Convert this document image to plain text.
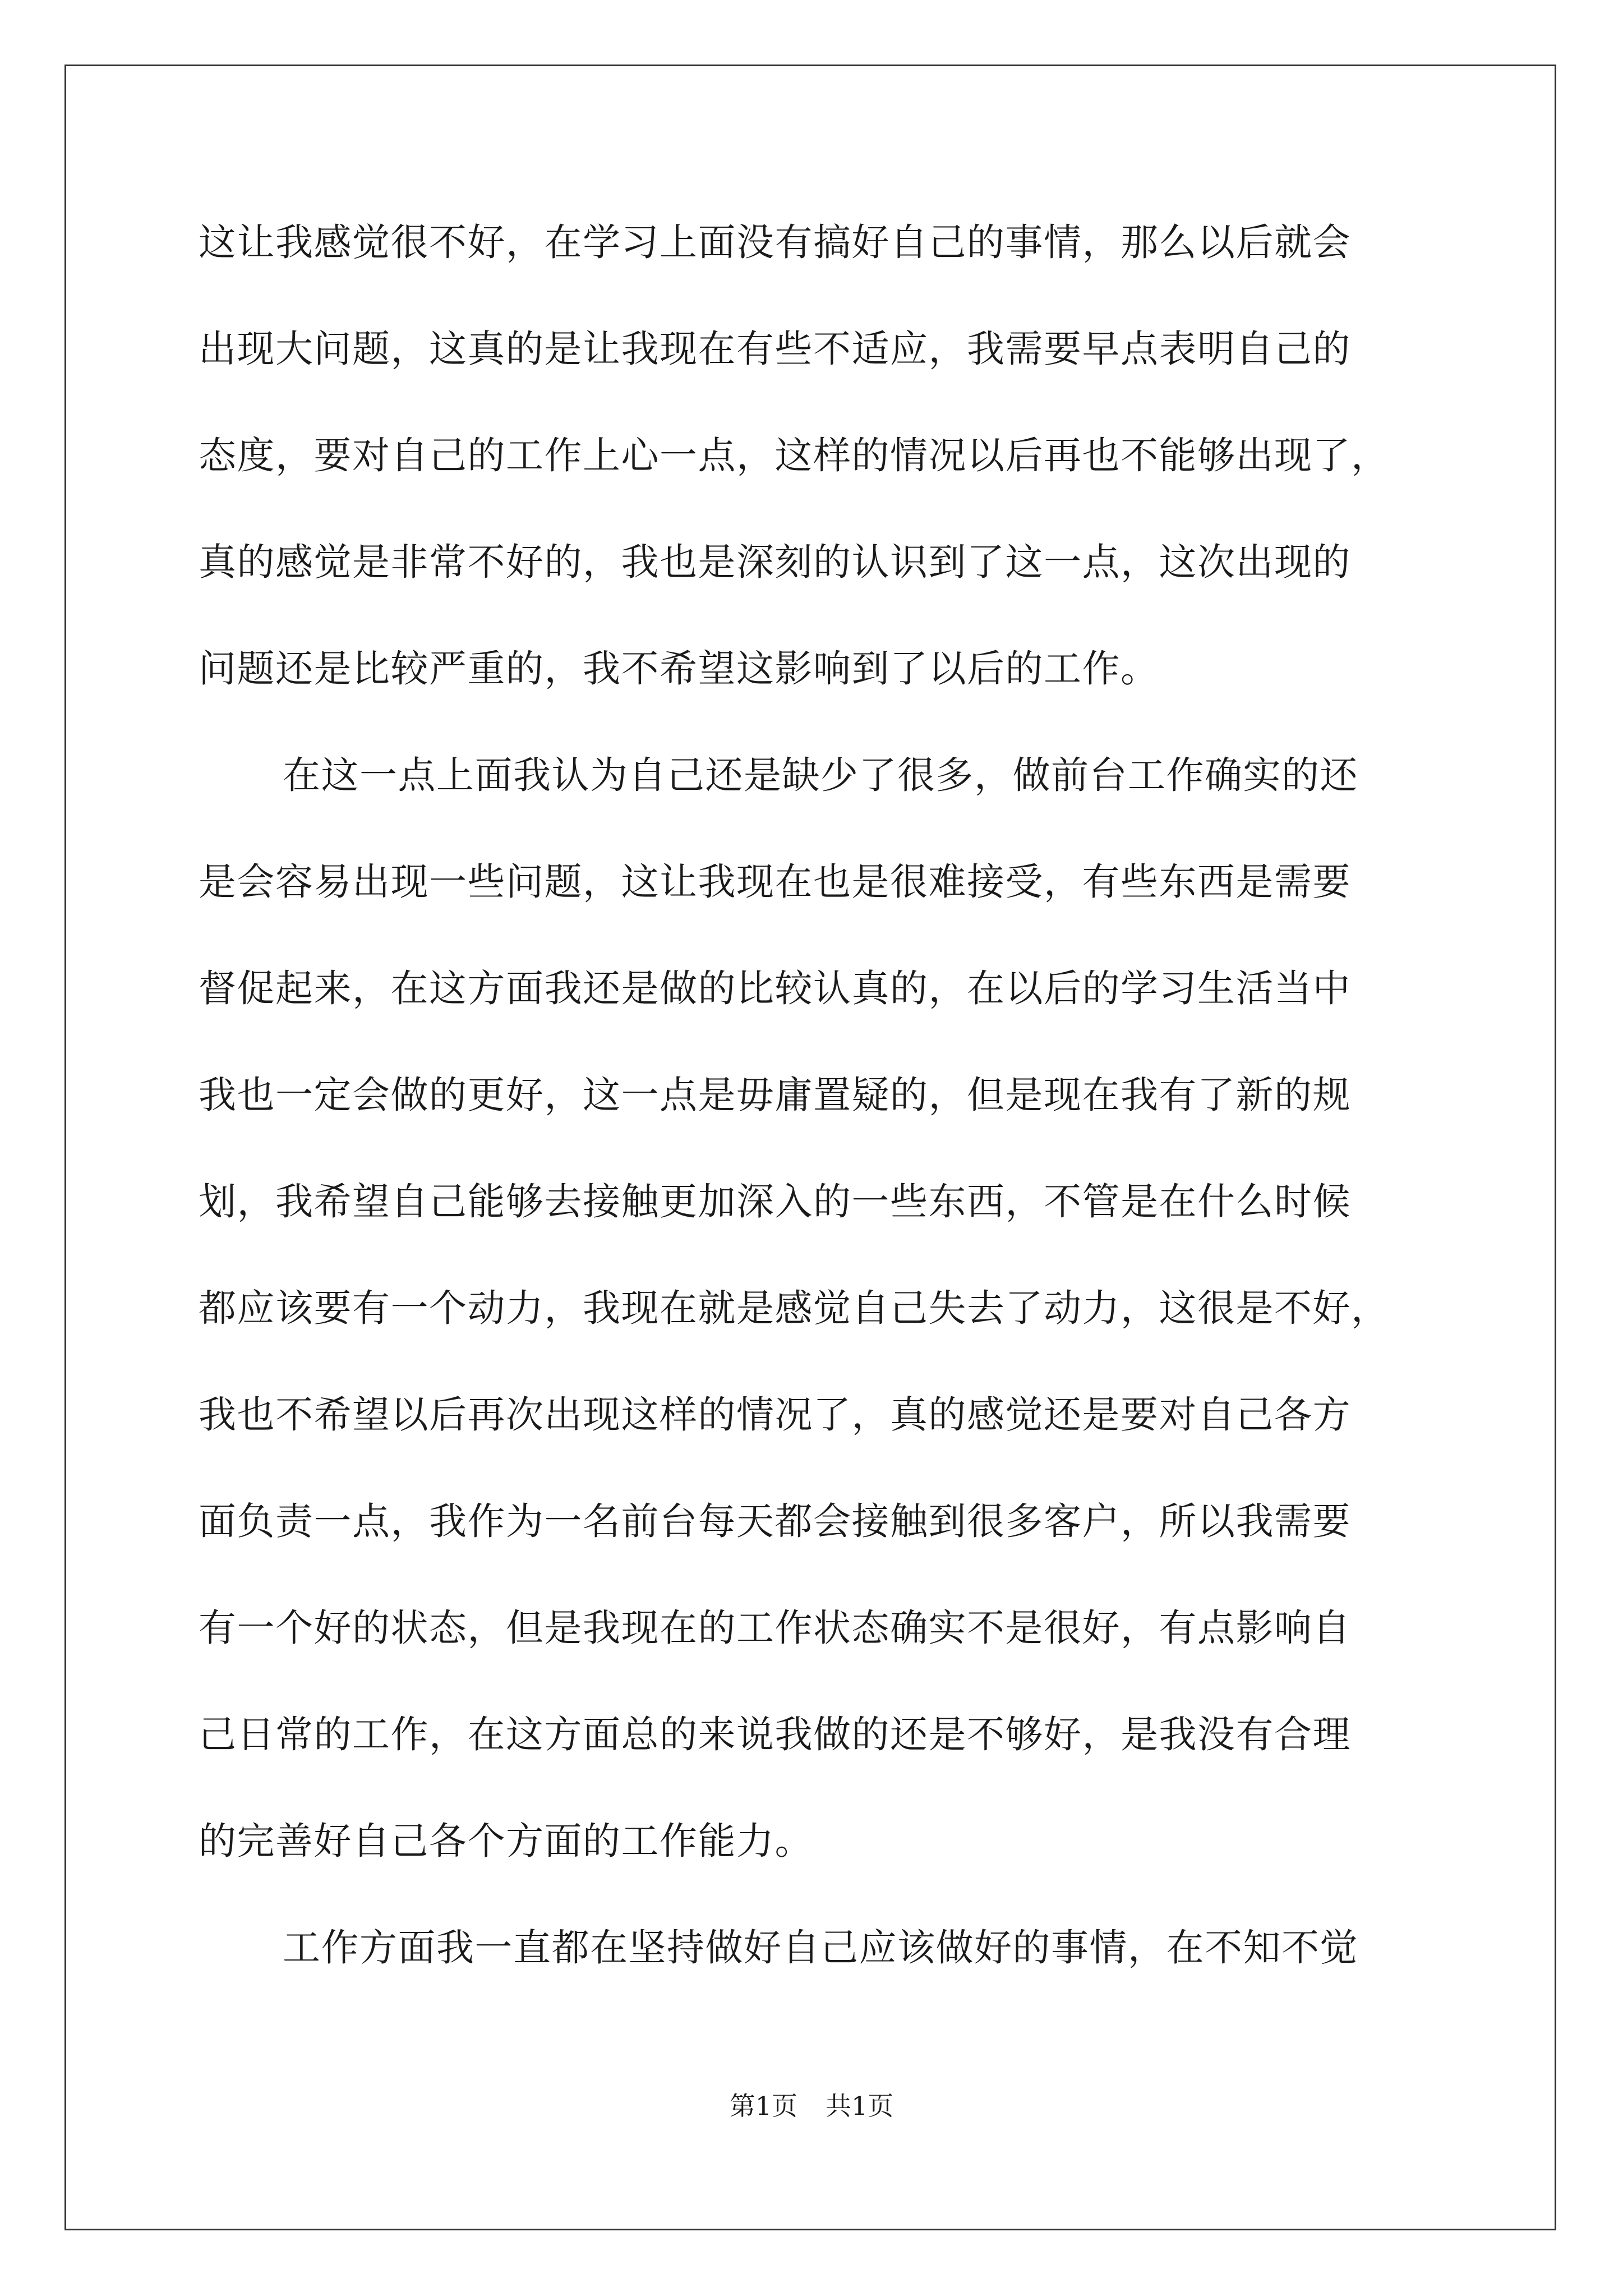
这让我感觉很不好，在学习上面没有搞好自己的事情，那么以后就会
出现大问题，这真的是让我现在有些不适应，我需要早点表明自己的
态度，要对自己的工作上心一点，这样的情况以后再也不能够出现了，
真的感觉是非常不好的，我也是深刻的认识到了这一点，这次出现的
问题还是比较严重的，我不希望这影响到了以后的工作。
在这一点上面我认为自己还是缺少了很多，做前台工作确实的还
是会容易出现一些问题，这让我现在也是很难接受，有些东西是需要
督促起来，在这方面我还是做的比较认真的，在以后的学习生活当中
我也一定会做的更好，这一点是毋庸置疑的，但是现在我有了新的规
划，我希望自己能够去接触更加深入的一些东西，不管是在什么时候
都应该要有一个动力，我现在就是感觉自己失去了动力，这很是不好，
我也不希望以后再次出现这样的情况了，真的感觉还是要对自己各方
面负责一点，我作为一名前台每天都会接触到很多客户，所以我需要
有一个好的状态，但是我现在的工作状态确实不是很好，有点影响自
己日常的工作，在这方面总的来说我做的还是不够好，是我没有合理
的完善好自己各个方面的工作能力。
工作方面我一直都在坚持做好自己应该做好的事情，在不知不觉
第1页 共1页
